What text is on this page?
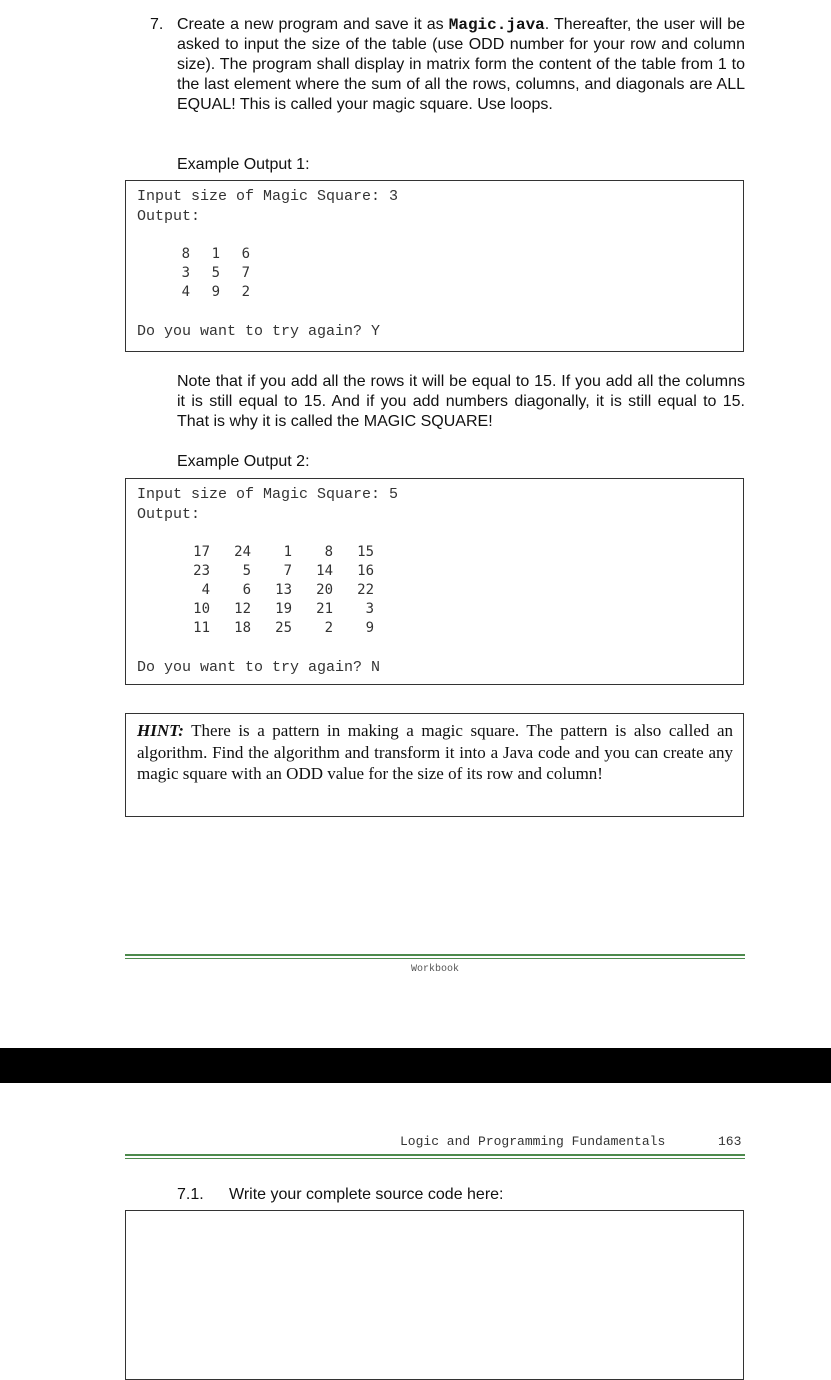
7. Create a new program and save it as Magic.java. Thereafter, the user will be asked to input the size of the table (use ODD number for your row and column size). The program shall display in matrix form the content of the table from 1 to the last element where the sum of all the rows, columns, and diagonals are ALL EQUAL! This is called your magic square. Use loops.
Example Output 1:
Input size of Magic Square: 3
Output:
8	1	6
3	5	7
4	9	2
Do you want to try again? Y
Note that if you add all the rows it will be equal to 15. If you add all the columns it is still equal to 15. And if you add numbers diagonally, it is still equal to 15. That is why it is called the MAGIC SQUARE!
Example Output 2:
Input size of Magic Square: 5
Output:
17	24	1	8	15
23	5	7	14	16
4	6	13	20	22
10	12	19	21	3
11	18	25	2	9
Do you want to try again? N
HINT: There is a pattern in making a magic square. The pattern is also called an algorithm. Find the algorithm and transform it into a Java code and you can create any magic square with an ODD value for the size of its row and column!
Workbook
Logic and Programming Fundamentals	163
7.1. Write your complete source code here:
